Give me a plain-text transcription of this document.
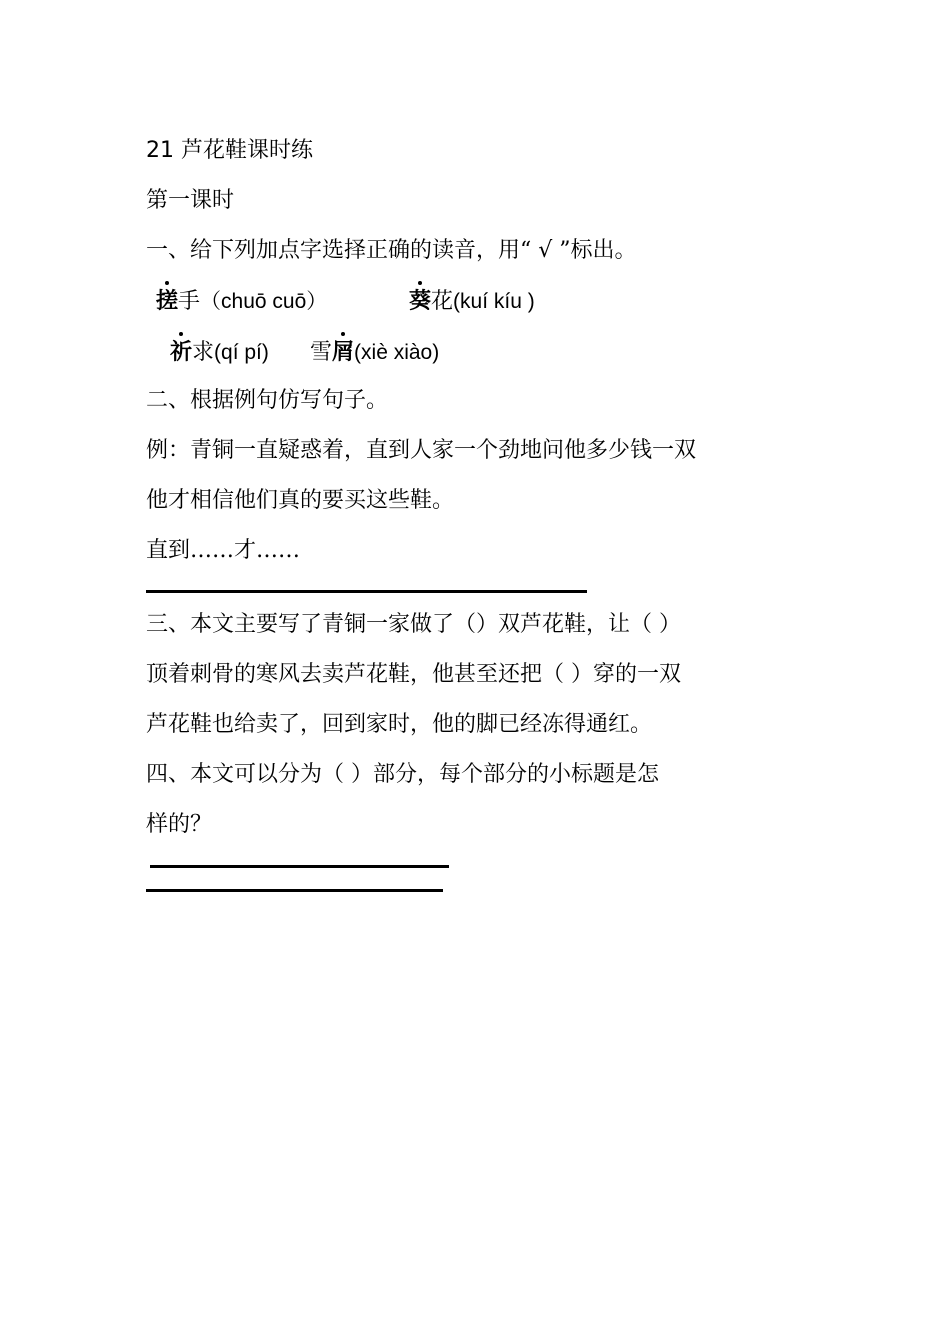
21 芦花鞋课时练
第一课时
一、给下列加点字选择正确的读音，用“ √ ”标出。
搓手（chuō cuō）	葵花(kuí kíu )
祈求(qí pí) 雪屑(xiè xiào)
二、根据例句仿写句子。
例：青铜一直疑惑着，直到人家一个劲地问他多少钱一双
他才相信他们真的要买这些鞋。
直到……才……
三、本文主要写了青铜一家做了（）双芦花鞋，让（ ）
顶着刺骨的寒风去卖芦花鞋，他甚至还把（ ）穿的一双
芦花鞋也给卖了，回到家时，他的脚已经冻得通红。
四、本文可以分为（ ）部分，每个部分的小标题是怎
样的？
